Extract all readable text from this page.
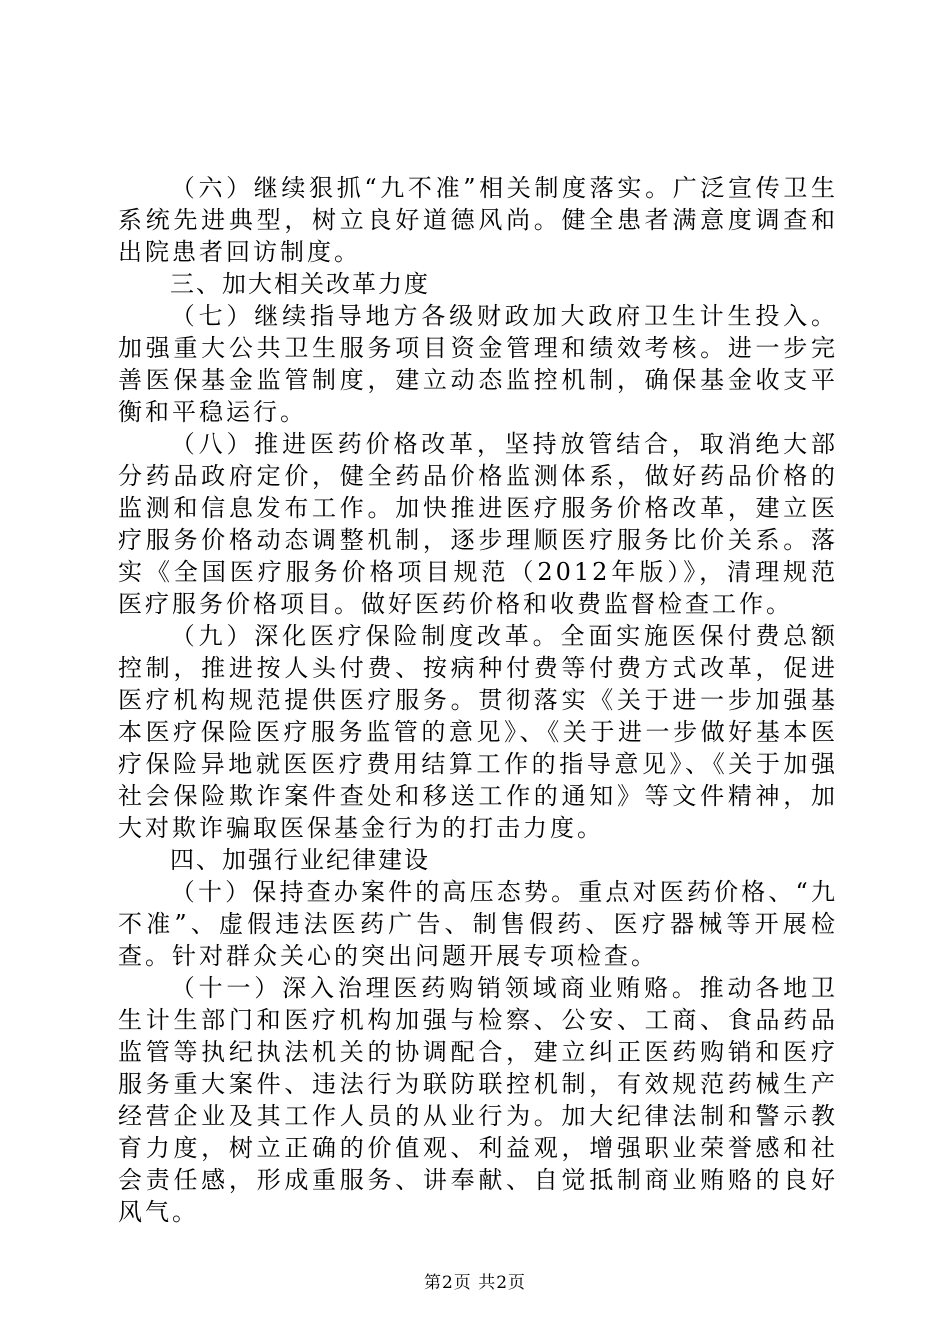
（六）继续狠抓“九不准”相关制度落实。广泛宣传卫生系统先进典型，树立良好道德风尚。健全患者满意度调查和出院患者回访制度。

三、加大相关改革力度

（七）继续指导地方各级财政加大政府卫生计生投入。加强重大公共卫生服务项目资金管理和绩效考核。进一步完善医保基金监管制度，建立动态监控机制，确保基金收支平衡和平稳运行。

（八）推进医药价格改革，坚持放管结合，取消绝大部分药品政府定价，健全药品价格监测体系，做好药品价格的监测和信息发布工作。加快推进医疗服务价格改革，建立医疗服务价格动态调整机制，逐步理顺医疗服务比价关系。落实《全国医疗服务价格项目规范（2012年版）》，清理规范医疗服务价格项目。做好医药价格和收费监督检查工作。

（九）深化医疗保险制度改革。全面实施医保付费总额控制，推进按人头付费、按病种付费等付费方式改革，促进医疗机构规范提供医疗服务。贯彻落实《关于进一步加强基本医疗保险医疗服务监管的意见》、《关于进一步做好基本医疗保险异地就医医疗费用结算工作的指导意见》、《关于加强社会保险欺诈案件查处和移送工作的通知》等文件精神，加大对欺诈骗取医保基金行为的打击力度。

四、加强行业纪律建设

（十）保持查办案件的高压态势。重点对医药价格、“九不准”、虚假违法医药广告、制售假药、医疗器械等开展检查。针对群众关心的突出问题开展专项检查。

（十一）深入治理医药购销领域商业贿赂。推动各地卫生计生部门和医疗机构加强与检察、公安、工商、食品药品监管等执纪执法机关的协调配合，建立纠正医药购销和医疗服务重大案件、违法行为联防联控机制，有效规范药械生产经营企业及其工作人员的从业行为。加大纪律法制和警示教育力度，树立正确的价值观、利益观，增强职业荣誉感和社会责任感，形成重服务、讲奉献、自觉抵制商业贿赂的良好风气。

第2页 共2页
